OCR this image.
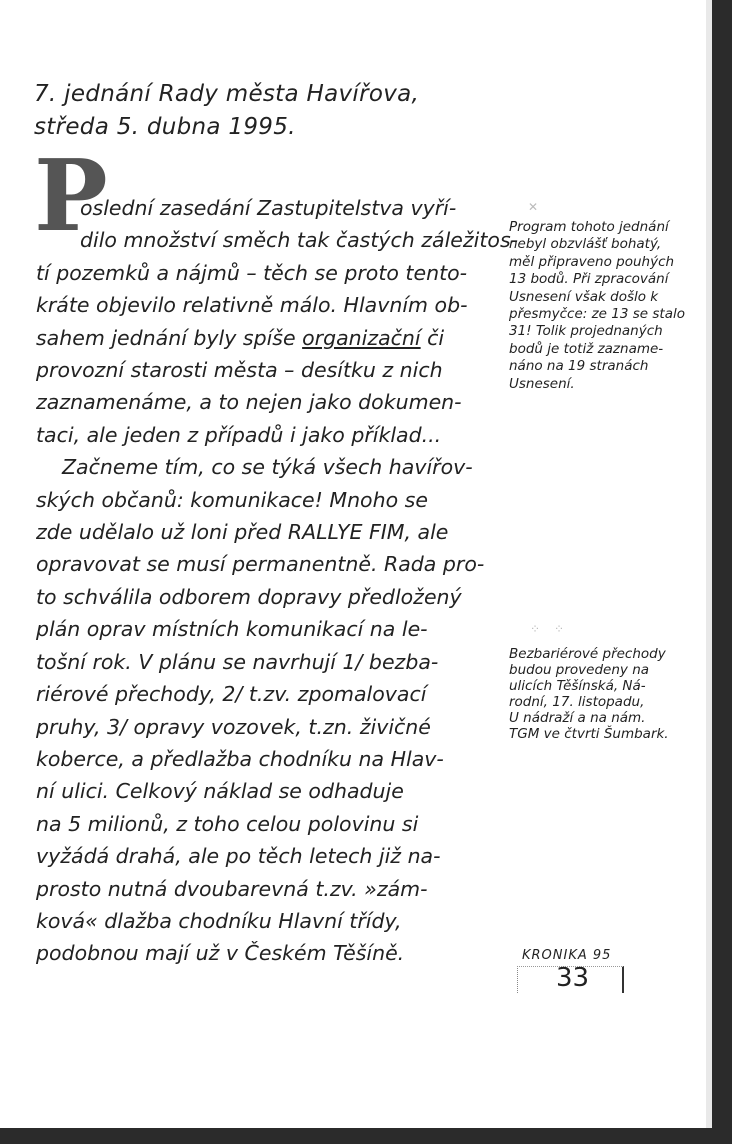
7. jednání Rady města Havířova,
středa 5. dubna 1995.
P
oslední zasedání Zastupitelstva vyří-
dilo množství směch tak častých záležitos-
tí pozemků a nájmů – těch se proto tento-
kráte objevilo relativně málo. Hlavním ob-
sahem jednání byly spíše organizační či
provozní starosti města – desítku z nich
zaznamenáme, a to nejen jako dokumen-
taci, ale jeden z případů i jako příklad...
Začneme tím, co se týká všech havířov-
ských občanů: komunikace! Mnoho se
zde udělalo už loni před RALLYE FIM, ale
opravovat se musí permanentně. Rada pro-
to schválila odborem dopravy předložený
plán oprav místních komunikací na le-
tošní rok. V plánu se navrhují 1/ bezba-
riérové přechody, 2/ t.zv. zpomalovací
pruhy, 3/ opravy vozovek, t.zn. živičné
koberce, a předlažba chodníku na Hlav-
ní ulici. Celkový náklad se odhaduje
na 5 milionů, z toho celou polovinu si
vyžádá drahá, ale po těch letech již na-
prosto nutná dvoubarevná t.zv. »zám-
ková« dlažba chodníku Hlavní třídy,
podobnou mají už v Českém Těšíně.
✕
Program tohoto jednání
nebyl obzvlášť bohatý,
měl připraveno pouhých
13 bodů. Při zpracování
Usnesení však došlo k
přesmyčce: ze 13 se stalo
31! Tolik projednaných
bodů je totiž zazname-
náno na 19 stranách
Usnesení.
⁘⁘
Bezbariérové přechody
budou provedeny na
ulicích Těšínská, Ná-
rodní, 17. listopadu,
U nádraží a na nám.
TGM ve čtvrti Šumbark.
KRONIKA 95
33
